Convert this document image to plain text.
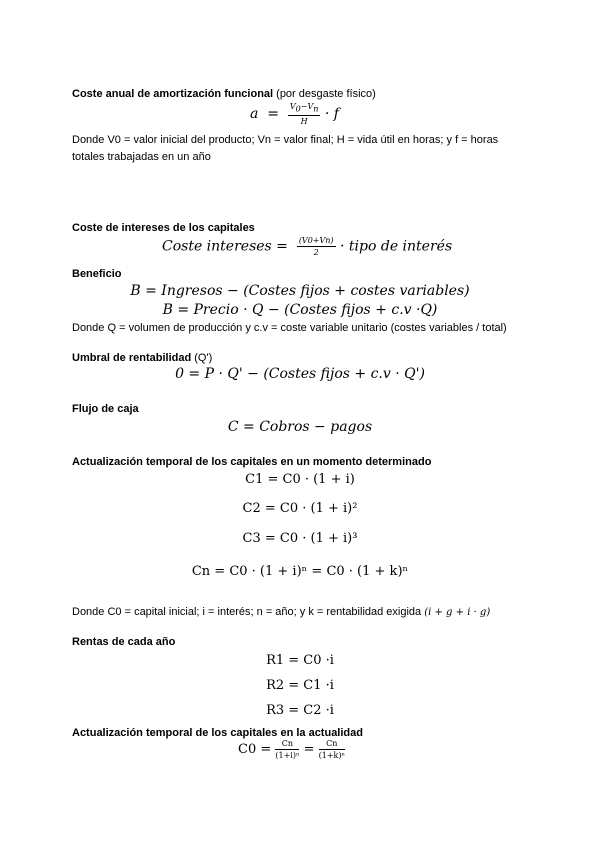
Coste anual de amortización funcional (por desgaste físico)
$a = \frac{V_0-V_n}{H} \cdot f$
Donde V0 = valor inicial del producto; Vn = valor final; H = vida útil en horas; y f = horas
totales trabajadas en un año
Coste de intereses de los capitales
Coste intereses = $\frac{(V0+Vn)}{2}$ · tipo de interés
Beneficio
B = Ingresos − (Costes fijos + costes variables)
B = Precio · Q − (Costes fijos + c.v ·Q)
Donde Q = volumen de producción y c.v = coste variable unitario (costes variables / total)
Umbral de rentabilidad (Q')
0 = P · Q' − (Costes fijos + c.v · Q')
Flujo de caja
C = Cobros − pagos
Actualización temporal de los capitales en un momento determinado
C1 = C0 · (1 + i)
C2 = C0 · (1 + i)²
C3 = C0 · (1 + i)³
Cn = C0 · (1 + i)ⁿ = C0 · (1 + k)ⁿ
Donde C0 = capital inicial; i = interés; n = año; y k = rentabilidad exigida (i + g + i · g)
Rentas de cada año
R1 = C0 ·i
R2 = C1 ·i
R3 = C2 ·i
Actualización temporal de los capitales en la actualidad
$C0 = \frac{Cn}{\text{(1+i)ⁿ}} = \frac{Cn}{\text{(1+k)ⁿ}}$
